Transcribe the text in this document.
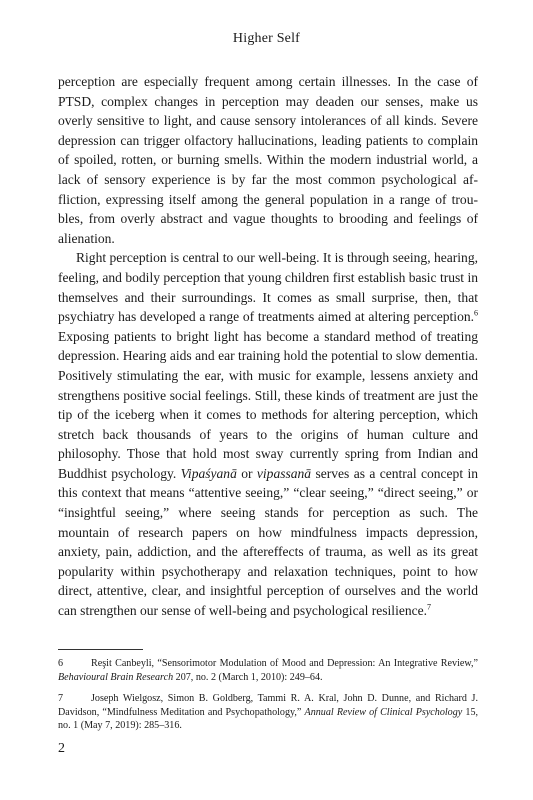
Higher Self

perception are especially frequent among certain illnesses. In the case of PTSD, complex changes in perception may deaden our senses, make us overly sensitive to light, and cause sensory intolerances of all kinds. Severe depression can trigger olfactory hallucinations, leading patients to complain of spoiled, rotten, or burning smells. Within the modern industrial world, a lack of sensory experience is by far the most common psychological affliction, expressing itself among the general population in a range of troubles, from overly abstract and vague thoughts to brooding and feelings of alienation.

Right perception is central to our well-being. It is through seeing, hearing, feeling, and bodily perception that young children first establish basic trust in themselves and their surroundings. It comes as small surprise, then, that psychiatry has developed a range of treatments aimed at altering perception.$^6$ Exposing patients to bright light has become a standard method of treating depression. Hearing aids and ear training hold the potential to slow dementia. Positively stimulating the ear, with music for example, lessens anxiety and strengthens positive social feelings. Still, these kinds of treatment are just the tip of the iceberg when it comes to methods for altering perception, which stretch back thousands of years to the origins of human culture and philosophy. Those that hold most sway currently spring from Indian and Buddhist psychology. Vipaśyanā or vipassanā serves as a central concept in this context that means “attentive seeing,” “clear seeing,” “direct seeing,” or “insightful seeing,” where seeing stands for perception as such. The mountain of research papers on how mindfulness impacts depression, anxiety, pain, addiction, and the aftereffects of trauma, as well as its great popularity within psychotherapy and relaxation techniques, point to how direct, attentive, clear, and insightful perception of ourselves and the world can strengthen our sense of well-being and psychological resilience.$^7$

6	Reşit Canbeyli, “Sensorimotor Modulation of Mood and Depression: An Integrative Review,” Behavioural Brain Research 207, no. 2 (March 1, 2010): 249–64.

7	Joseph Wielgosz, Simon B. Goldberg, Tammi R. A. Kral, John D. Dunne, and Richard J. Davidson, “Mindfulness Meditation and Psychopathology,” Annual Review of Clinical Psychology 15, no. 1 (May 7, 2019): 285–316.

2
